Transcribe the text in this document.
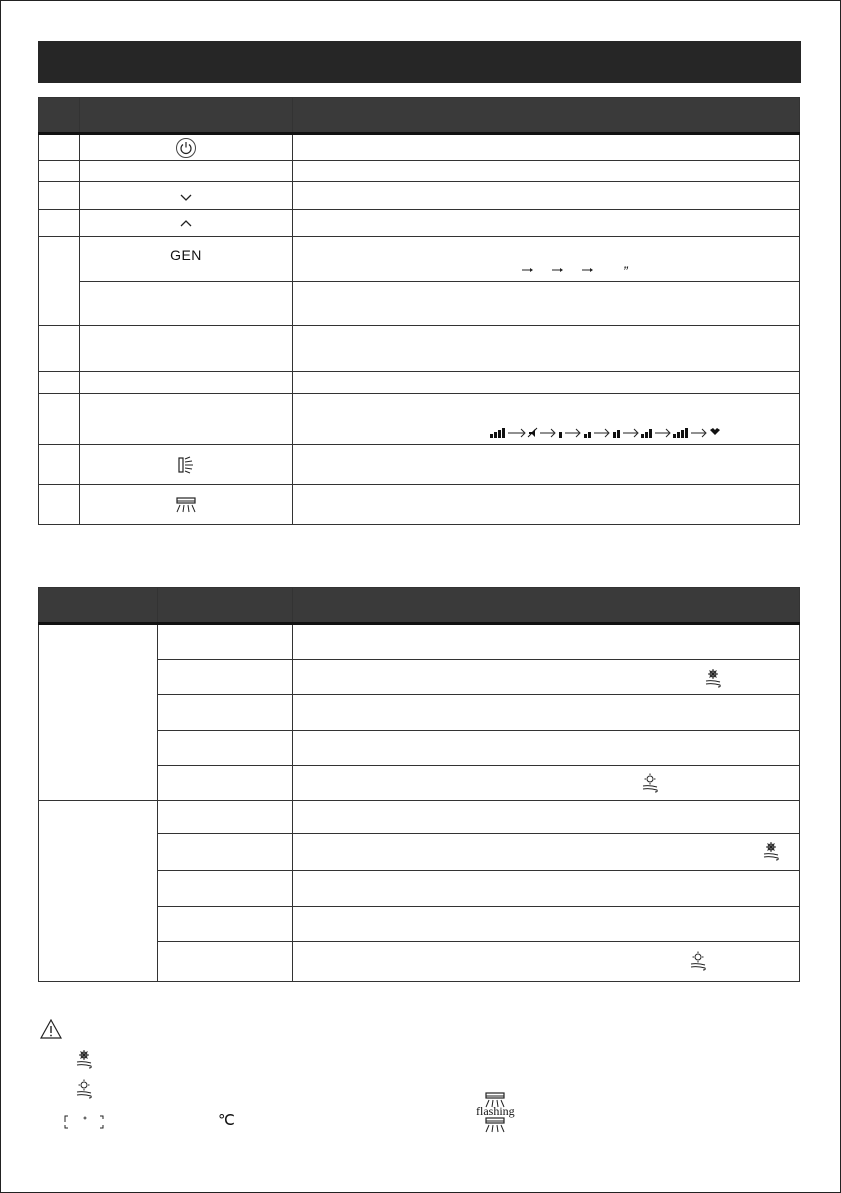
	GEN	”

℃
flashing
